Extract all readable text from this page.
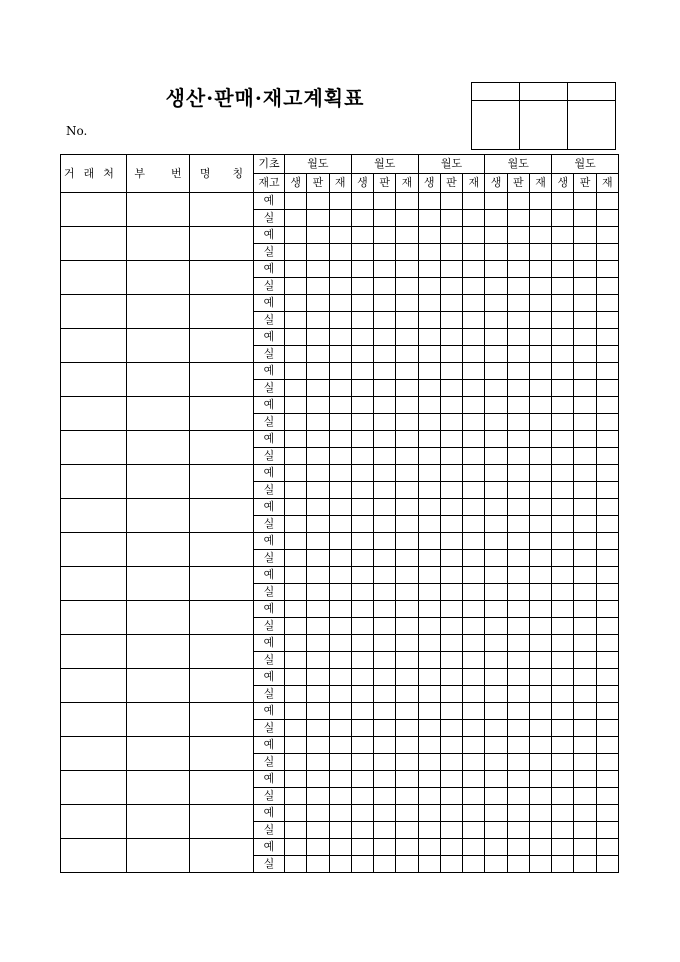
생산·판매·재고계획표
No.

거래처	부 번	명 칭	기초	월도			월도			월도			월도			월도		
			재고	생	판	재	생	판	재	생	판	재	생	판	재	생	판	재
			예															
			실															
			예															
			실															
			예															
			실															
			예															
			실															
			예															
			실															
			예															
			실															
			예															
			실															
			예															
			실															
			예															
			실															
			예															
			실															
			예															
			실															
			예															
			실															
			예															
			실															
			예															
			실															
			예															
			실															
			예															
			실															
			예															
			실															
			예															
			실															
			예															
			실															
			예															
			실															
